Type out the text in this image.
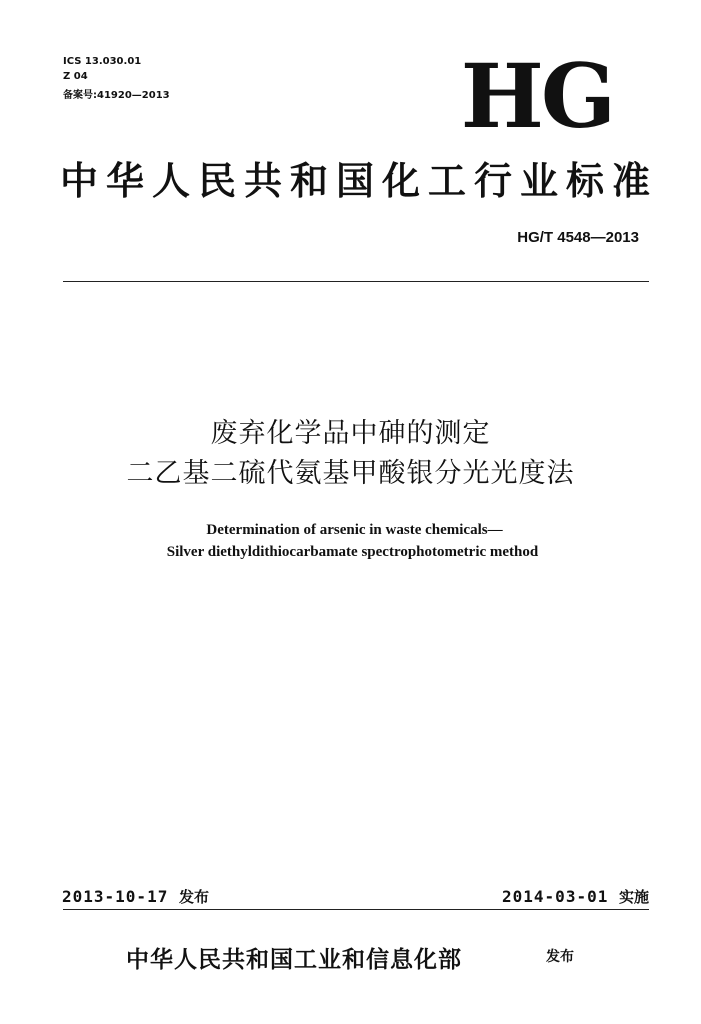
ICS 13.030.01
Z 04
备案号:41920—2013	HG
中华人民共和国化工行业标准
HG/T 4548—2013
废弃化学品中砷的测定
二乙基二硫代氨基甲酸银分光光度法
Determination of arsenic in waste chemicals—
Silver diethyldithiocarbamate spectrophotometric method
2013-10-17 发布	2014-03-01 实施
中华人民共和国工业和信息化部	发布
